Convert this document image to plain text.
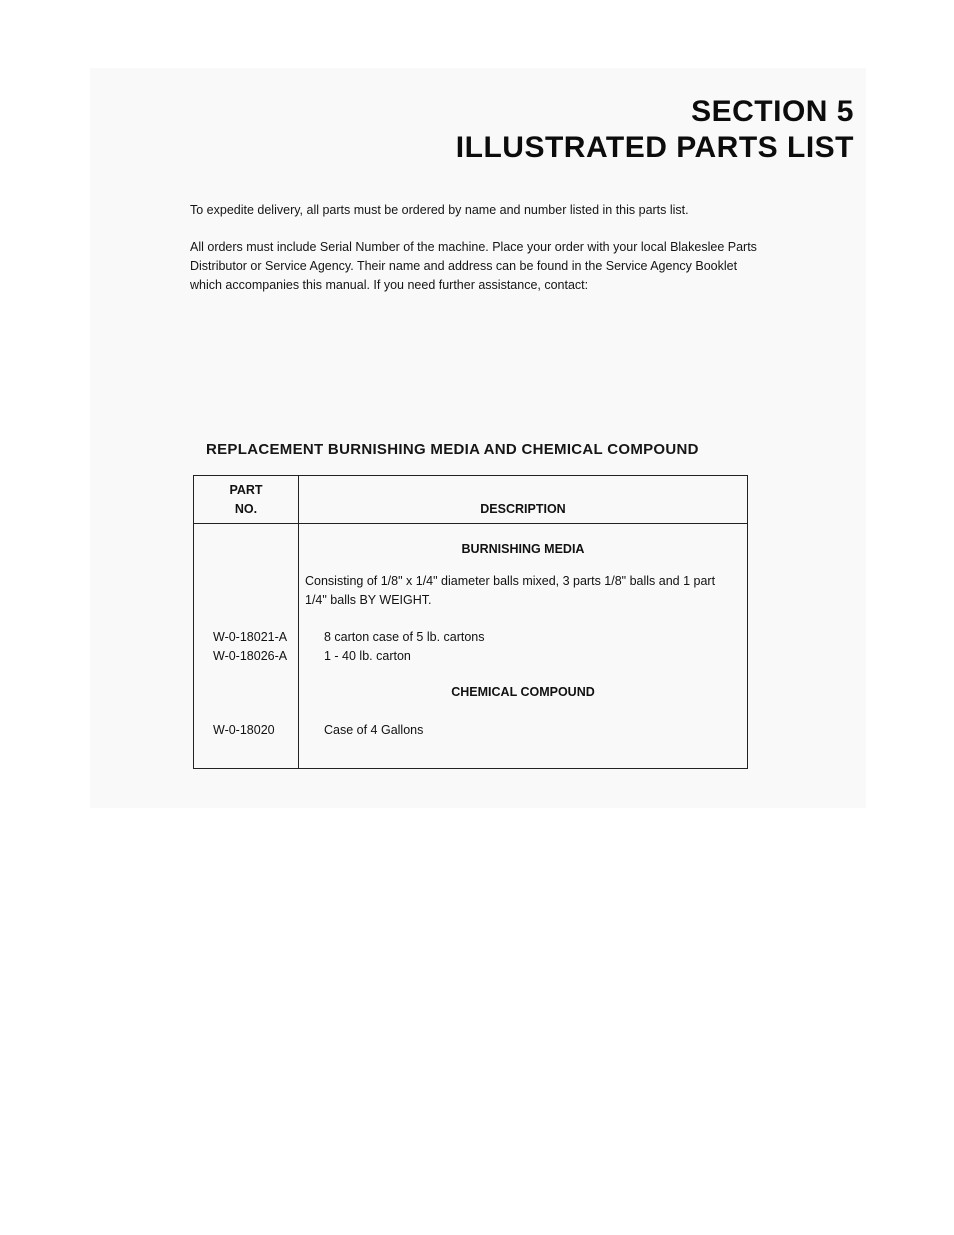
SECTION 5
ILLUSTRATED PARTS LIST

To expedite delivery, all parts must be ordered by name and number listed in this parts list.

All orders must include Serial Number of the machine. Place your order with your local Blakeslee Parts Distributor or Service Agency. Their name and address can be found in the Service Agency Booklet which accompanies this manual. If you need further assistance, contact:

REPLACEMENT BURNISHING MEDIA AND CHEMICAL COMPOUND
PART
NO.	DESCRIPTION
BURNISHING MEDIA
Consisting of 1/8" x 1/4" diameter balls mixed, 3 parts 1/8" balls and 1 part 1/4" balls BY WEIGHT.
W-0-18021-A	8 carton case of 5 lb. cartons
W-0-18026-A	1 - 40 lb. carton
CHEMICAL COMPOUND
W-0-18020	Case of 4 Gallons
